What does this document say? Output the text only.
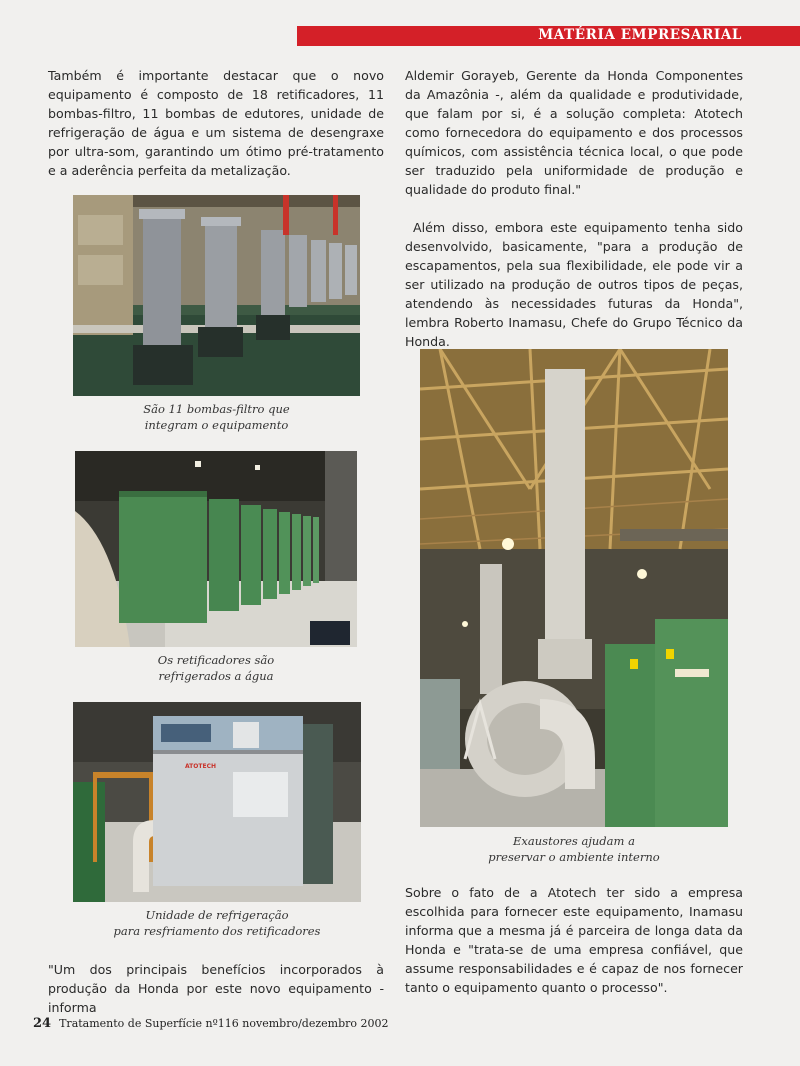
MATÉRIA EMPRESARIAL

Também é importante destacar que o novo equipamento é composto de 18 retificadores, 11 bombas-filtro, 11 bombas de edutores, unidade de refrigeração de água e um sistema de desengraxe por ultra-som, garantindo um ótimo pré-tratamento e a aderência perfeita da metalização.

São 11 bombas-filtro que
integram o equipamento
Os retificadores são
refrigerados a água
ATOTECH
Unidade de refrigeração
para resfriamento dos retificadores

"Um dos principais benefícios incorporados à produção da Honda por este novo equipamento - informa

Aldemir Gorayeb, Gerente da Honda Componentes da Amazônia -, além da qualidade e produtividade, que falam por si, é a solução completa: Atotech como fornecedora do equipamento e dos processos químicos, com assistência técnica local, o que pode ser traduzido pela uniformidade de produção e qualidade do produto final."

Além disso, embora este equipamento tenha sido desenvolvido, basicamente, "para a produção de escapamentos, pela sua flexibilidade, ele pode vir a ser utilizado na produção de outros tipos de peças, atendendo às necessidades futuras da Honda", lembra Roberto Inamasu, Chefe do Grupo Técnico da Honda.

Exaustores ajudam a
preservar o ambiente interno

Sobre o fato de a Atotech ter sido a empresa escolhida para fornecer este equipamento, Inamasu informa que a mesma já é parceira de longa data da Honda e "trata-se de uma empresa confiável, que assume responsabilidades e é capaz de nos fornecer tanto o equipamento quanto o processo".

24 Tratamento de Superfície nº116 novembro/dezembro 2002
